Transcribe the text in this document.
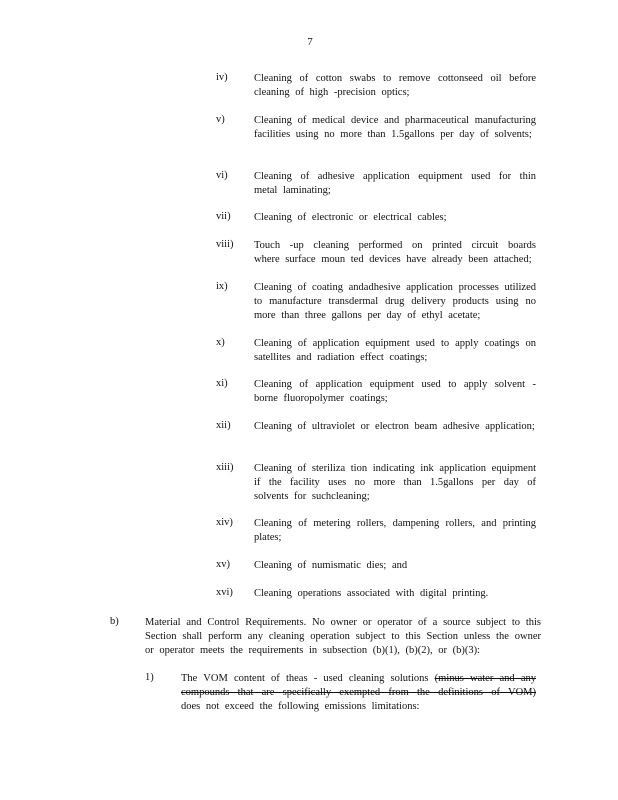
7
iv)	Cleaning of cotton swabs to remove cottonseed oil before cleaning of high -precision optics;
v)	Cleaning of medical device and pharmaceutical manufacturing facilities using no more than 1.5gallons per day of solvents;
vi)	Cleaning of adhesive application equipment used for thin metal laminating;
vii) Cleaning of electronic or electrical cables;
viii) Touch -up cleaning performed on printed circuit boards where surface moun ted devices have already been attached;
ix)	Cleaning of coating andadhesive application processes utilized to manufacture transdermal drug delivery products using no more than three gallons per day of ethyl acetate;
x)	Cleaning of application equipment used to apply coatings on satellites and radiation effect coatings;
xi)	Cleaning of application equipment used to apply solvent - borne fluoropolymer coatings;
xii) Cleaning of ultraviolet or electron beam adhesive application;
xiii) Cleaning of steriliza tion indicating ink application equipment if the facility uses no more than 1.5gallons per day of solvents for suchcleaning;
xiv) Cleaning of metering rollers, dampening rollers, and printing plates;
xv) Cleaning of numismatic dies; and
xvi) Cleaning operations associated with digital printing.
b)	Material and Control Requirements. No owner or operator of a source subject to this Section shall perform any cleaning operation subject to this Section unless the owner or operator meets the requirements in subsection (b)(1), (b)(2), or (b)(3):
1)	The VOM content of theas - used cleaning solutions (minus water and any compounds that are specifically exempted from the definitions of VOM) does not exceed the following emissions limitations:
